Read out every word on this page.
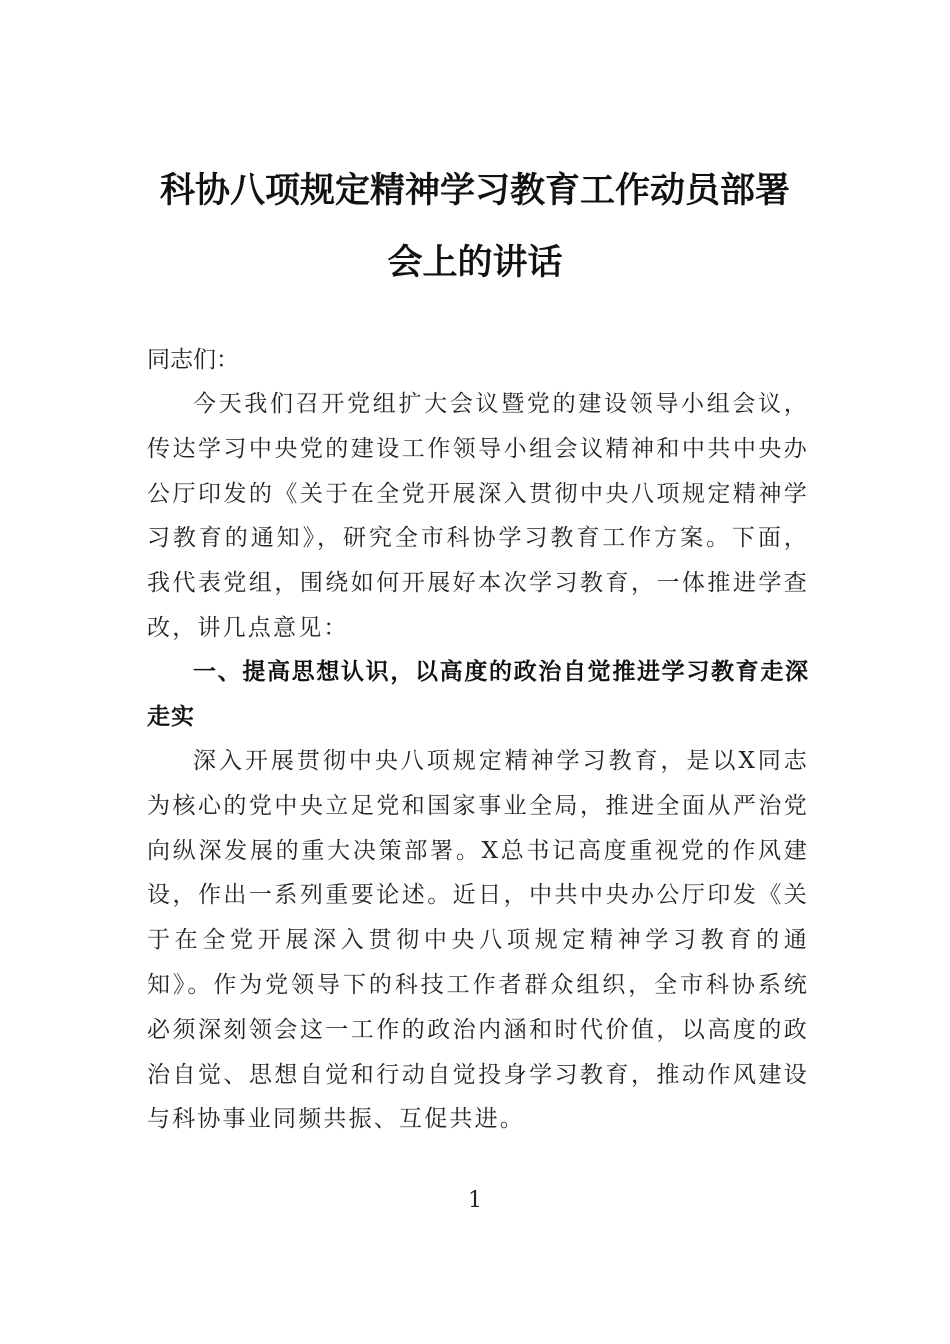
科协八项规定精神学习教育工作动员部署
会上的讲话

同志们：

今天我们召开党组扩大会议暨党的建设领导小组会议，传达学习中央党的建设工作领导小组会议精神和中共中央办公厅印发的《关于在全党开展深入贯彻中央八项规定精神学习教育的通知》，研究全市科协学习教育工作方案。下面，我代表党组，围绕如何开展好本次学习教育，一体推进学查改，讲几点意见：

一、提高思想认识，以高度的政治自觉推进学习教育走深走实

深入开展贯彻中央八项规定精神学习教育，是以X同志为核心的党中央立足党和国家事业全局，推进全面从严治党向纵深发展的重大决策部署。X总书记高度重视党的作风建设，作出一系列重要论述。近日，中共中央办公厅印发《关于在全党开展深入贯彻中央八项规定精神学习教育的通知》。作为党领导下的科技工作者群众组织，全市科协系统必须深刻领会这一工作的政治内涵和时代价值，以高度的政治自觉、思想自觉和行动自觉投身学习教育，推动作风建设与科协事业同频共振、互促共进。

1
